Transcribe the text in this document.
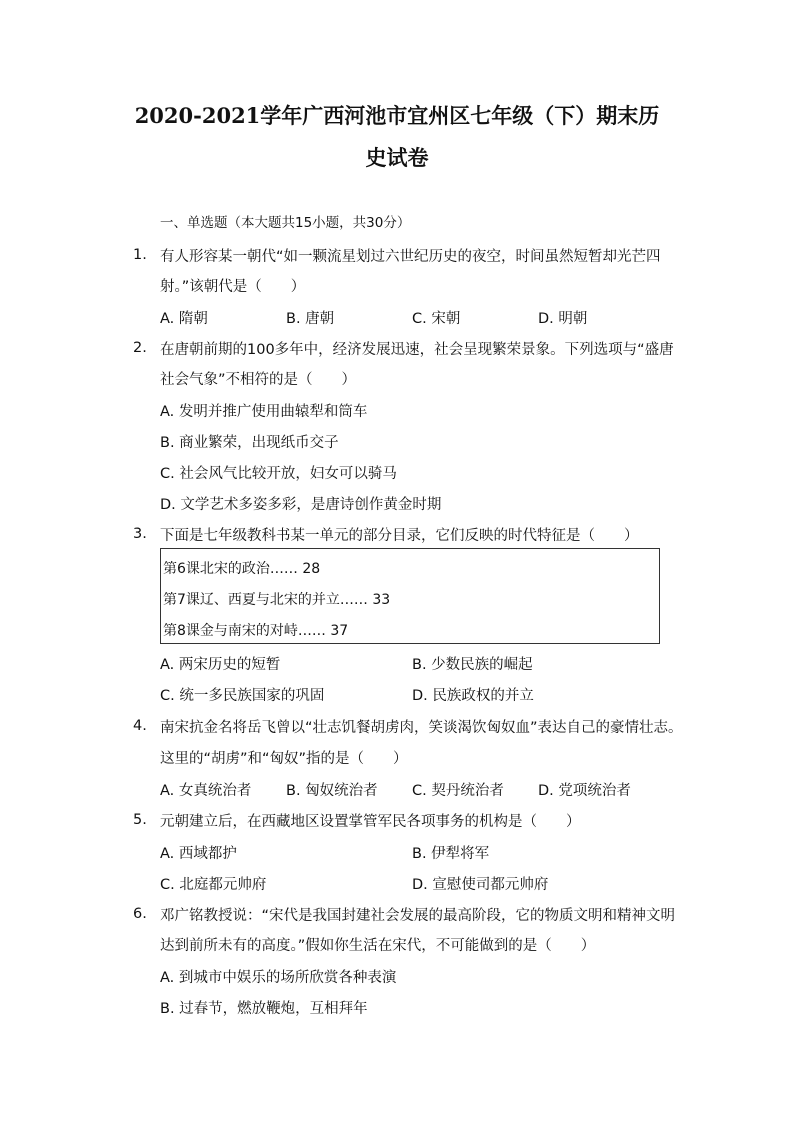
2020-2021学年广西河池市宜州区七年级（下）期末历
史试卷
一、单选题（本大题共15小题，共30分）
1. 有人形容某一朝代“如一颗流星划过六世纪历史的夜空，时间虽然短暂却光芒四
射。”该朝代是（　　）
A. 隋朝	B. 唐朝	C. 宋朝	D. 明朝
2. 在唐朝前期的100多年中，经济发展迅速，社会呈现繁荣景象。下列选项与“盛唐
社会气象”不相符的是（　　）
A. 发明并推广使用曲辕犁和筒车
B. 商业繁荣，出现纸币交子
C. 社会风气比较开放，妇女可以骑马
D. 文学艺术多姿多彩，是唐诗创作黄金时期
3. 下面是七年级教科书某一单元的部分目录，它们反映的时代特征是（　　）
第6课北宋的政治…… 28
第7课辽、西夏与北宋的并立…… 33
第8课金与南宋的对峙…… 37
A. 两宋历史的短暂	B. 少数民族的崛起
C. 统一多民族国家的巩固	D. 民族政权的并立
4. 南宋抗金名将岳飞曾以“壮志饥餐胡虏肉，笑谈渴饮匈奴血”表达自己的豪情壮志。
这里的“胡虏”和“匈奴”指的是（　　）
A. 女真统治者 B. 匈奴统治者 C. 契丹统治者 D. 党项统治者
5. 元朝建立后，在西藏地区设置掌管军民各项事务的机构是（　　）
A. 西域都护	B. 伊犁将军
C. 北庭都元帅府	D. 宣慰使司都元帅府
6. 邓广铭教授说：“宋代是我国封建社会发展的最高阶段，它的物质文明和精神文明
达到前所未有的高度。”假如你生活在宋代，不可能做到的是（　　）
A. 到城市中娱乐的场所欣赏各种表演
B. 过春节，燃放鞭炮，互相拜年
